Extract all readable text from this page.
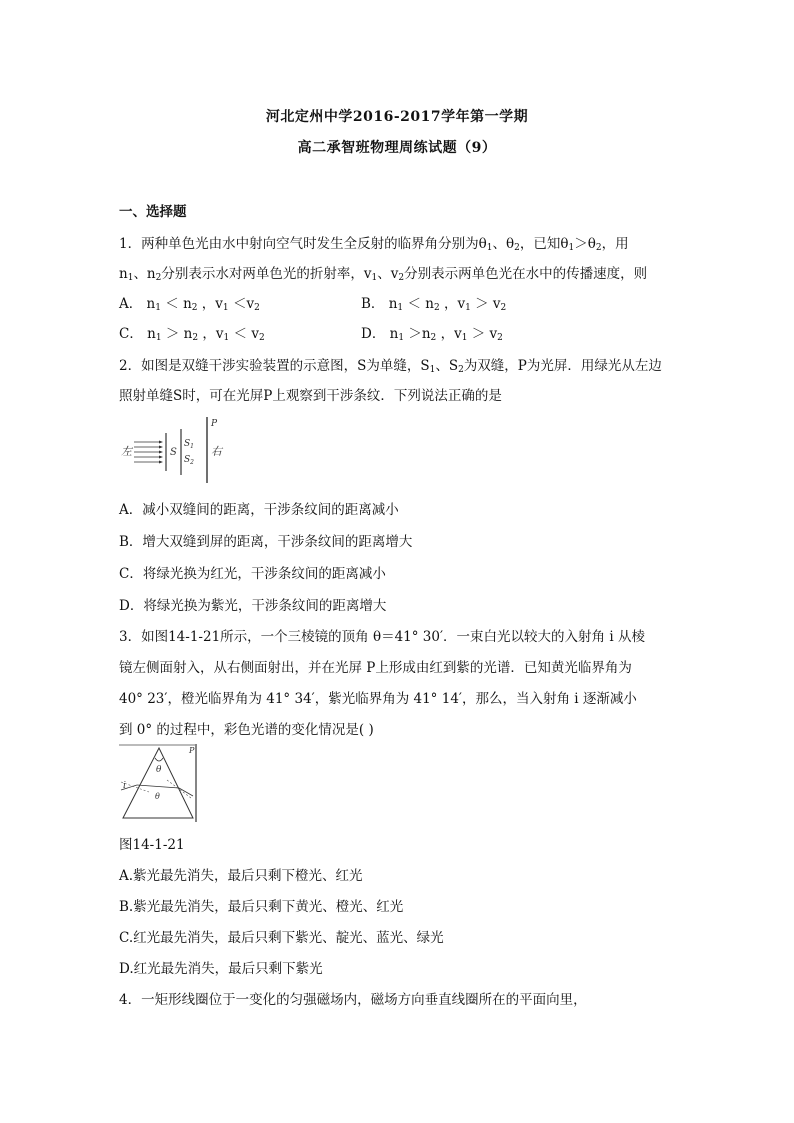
河北定州中学2016-2017学年第一学期
高二承智班物理周练试题（9）
一、选择题
1．两种单色光由水中射向空气时发生全反射的临界角分别为$\theta_1$、$\theta_2$，已知$\theta_1>\theta_2$，用
$n_1$、$n_2$分别表示水对两单色光的折射率，$v_1$、$v_2$分别表示两单色光在水中的传播速度，则
A． $n_1 < n_2$ ，$v_1 <v_2$	B． $n_1 < n_2$ ，$v_1 > v_2$
C． $n_1 > n_2$ ，$v_1 < v_2$	D． $n_1 >n_2$ ，$v_1 > v_2$
2．如图是双缝干涉实验装置的示意图，S为单缝，$S_1$、$S_2$为双缝，P为光屏．用绿光从左边
照射单缝S时，可在光屏P上观察到干涉条纹．下列说法正确的是
左	S
$S_1$
$S_2$
P
右
A．减小双缝间的距离，干涉条纹间的距离减小
B．增大双缝到屏的距离，干涉条纹间的距离增大
C．将绿光换为红光，干涉条纹间的距离减小
D．将绿光换为紫光，干涉条纹间的距离增大
3．如图14-1-21所示，一个三棱镜的顶角 θ＝41° 30′．一束白光以较大的入射角 i 从棱
镜左侧面射入，从右侧面射出，并在光屏 P上形成由红到紫的光谱．已知黄光临界角为
40° 23′，橙光临界角为 41° 34′，紫光临界角为 41° 14′，那么，当入射角 i 逐渐减小
到 0° 的过程中，彩色光谱的变化情况是( )
θ
i
θ
P
图14-1-21
A.紫光最先消失，最后只剩下橙光、红光
B.紫光最先消失，最后只剩下黄光、橙光、红光
C.红光最先消失，最后只剩下紫光、靛光、蓝光、绿光
D.红光最先消失，最后只剩下紫光
4．一矩形线圈位于一变化的匀强磁场内，磁场方向垂直线圈所在的平面向里，
